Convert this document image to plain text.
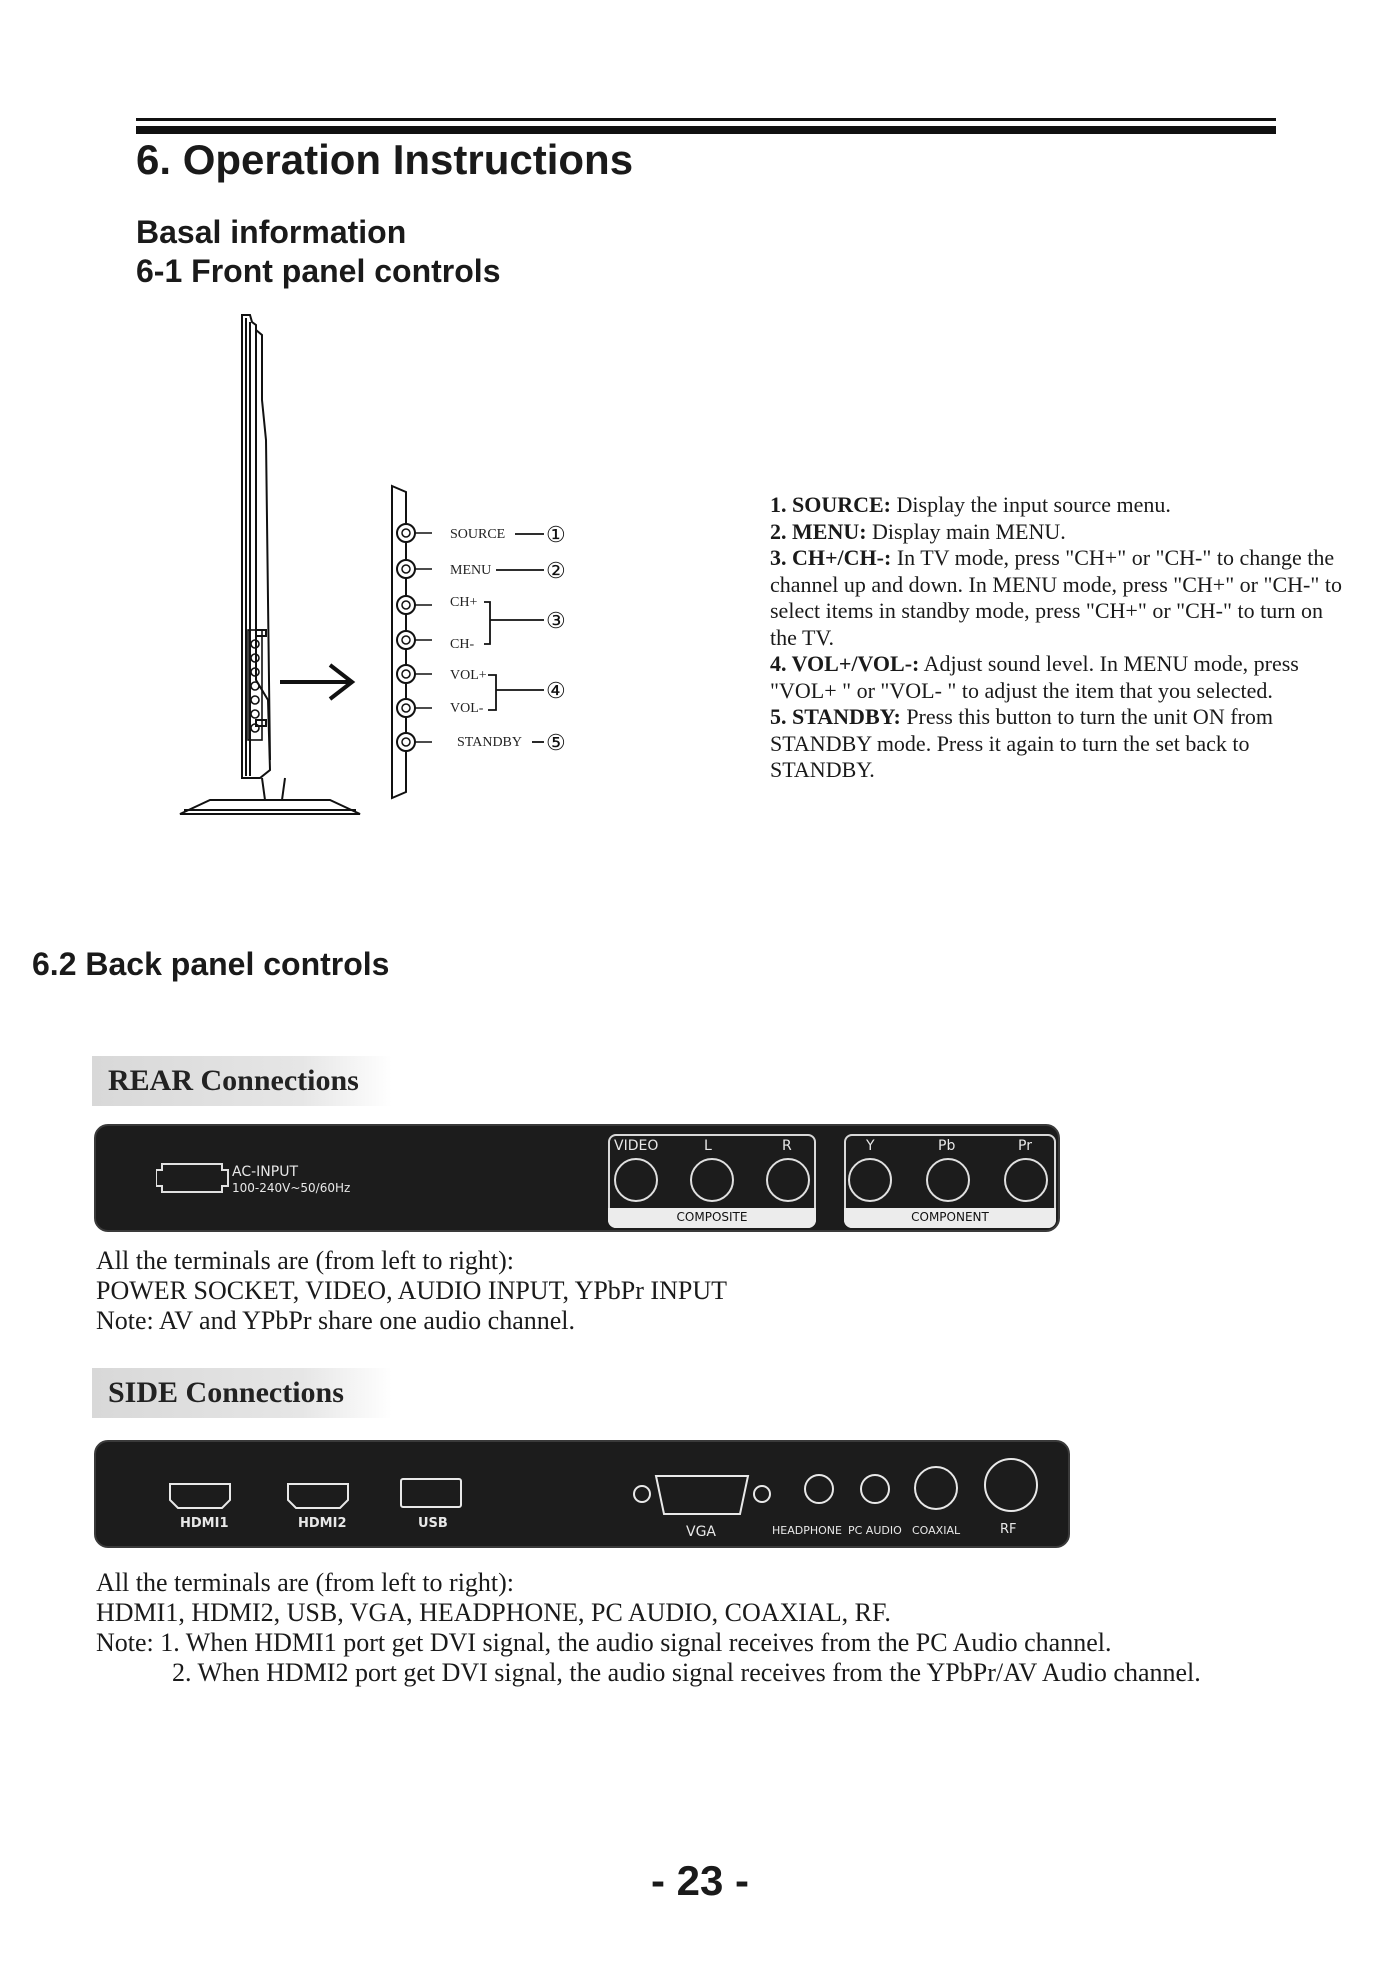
6. Operation Instructions
Basal information
6-1 Front panel controls
SOURCE
MENU
CH+
CH-
VOL+
VOL-
STANDBY
①
②
③
④
⑤

1. SOURCE: Display the input source menu.

2. MENU: Display main MENU.

3. CH+/CH-: In TV mode, press "CH+" or "CH-" to change the channel up and down. In MENU mode, press "CH+" or "CH-" to select items in standby mode, press "CH+" or "CH-" to turn on the TV.

4. VOL+/VOL-: Adjust sound level. In MENU mode, press "VOL+ " or "VOL- " to adjust the item that you selected.

5. STANDBY: Press this button to turn the unit ON from STANDBY mode. Press it again to turn the set back to STANDBY.

6.2 Back panel controls
REAR Connections
AC-INPUT
100-240V~50/60Hz
VIDEO	L	R
COMPOSITE
Y	Pb	Pr
COMPONENT
All the terminals are (from left to right):
POWER SOCKET, VIDEO, AUDIO INPUT, YPbPr INPUT
Note: AV and YPbPr share one audio channel.
SIDE Connections
HDMI1	HDMI2	USB
VGA	HEADPHONE PC AUDIO COAXIAL	RF
All the terminals are (from left to right):
HDMI1, HDMI2, USB, VGA, HEADPHONE, PC AUDIO, COAXIAL, RF.
Note: 1. When HDMI1 port get DVI signal, the audio signal receives from the PC Audio channel.
2. When HDMI2 port get DVI signal, the audio signal receives from the YPbPr/AV Audio channel.
- 23 -
